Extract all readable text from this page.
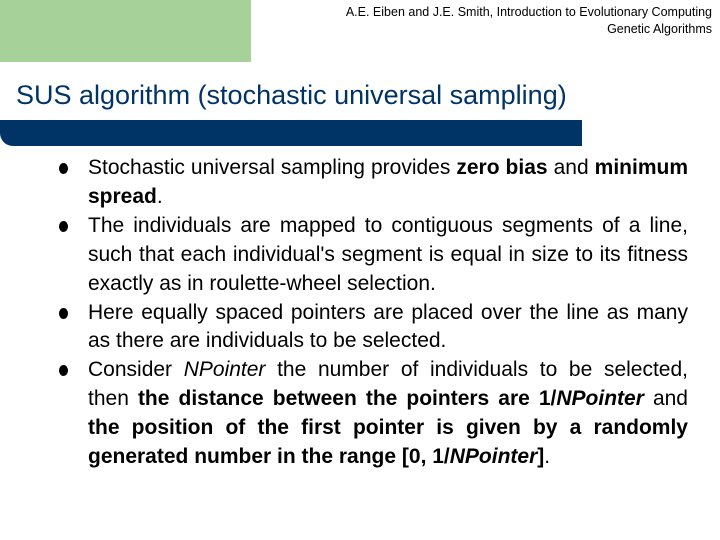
A.E. Eiben and J.E. Smith, Introduction to Evolutionary Computing
Genetic Algorithms
SUS algorithm (stochastic universal sampling)
Stochastic universal sampling provides zero bias and minimum spread.
The individuals are mapped to contiguous segments of a line, such that each individual's segment is equal in size to its fitness exactly as in roulette-wheel selection.
Here equally spaced pointers are placed over the line as many as there are individuals to be selected.
Consider NPointer the number of individuals to be selected, then the distance between the pointers are 1/NPointer and the position of the first pointer is given by a randomly generated number in the range [0, 1/NPointer].
